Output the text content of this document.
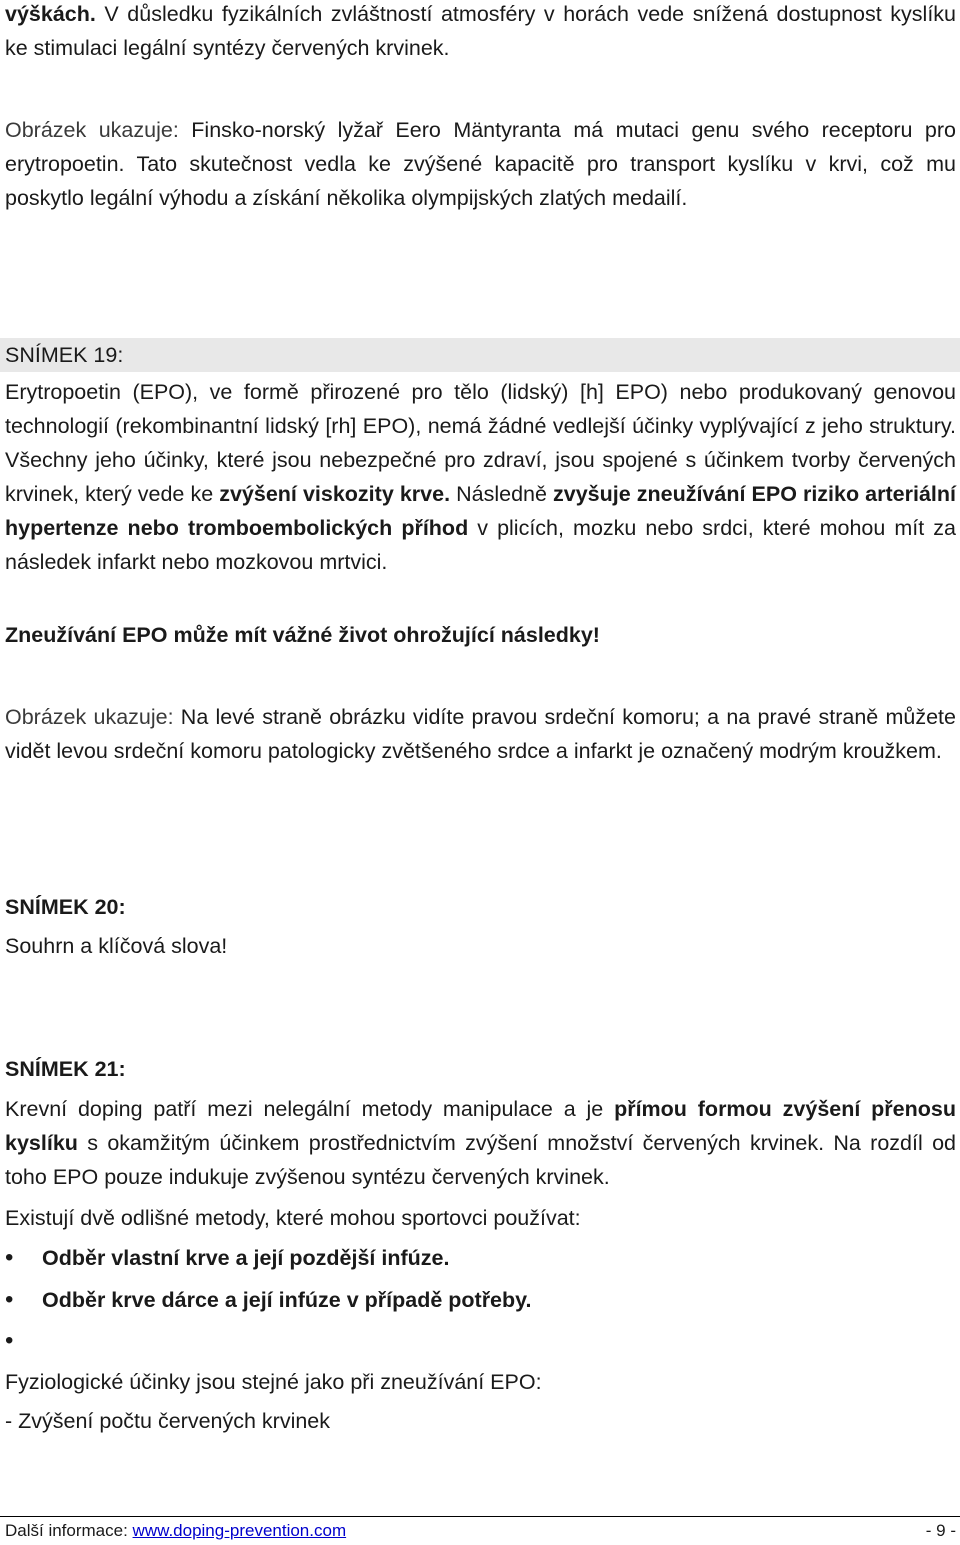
výškách. V důsledku fyzikálních zvláštností atmosféry v horách vede snížená dostupnost kyslíku ke stimulaci legální syntézy červených krvinek.

Obrázek ukazuje: Finsko-norský lyžař Eero Mäntyranta má mutaci genu svého receptoru pro erytropoetin. Tato skutečnost vedla ke zvýšené kapacitě pro transport kyslíku v krvi, což mu poskytlo legální výhodu a získání několika olympijských zlatých medailí.

SNÍMEK 19:

Erytropoetin (EPO), ve formě přirozené pro tělo (lidský) [h] EPO) nebo produkovaný genovou technologií (rekombinantní lidský [rh] EPO), nemá žádné vedlejší účinky vyplývající z jeho struktury. Všechny jeho účinky, které jsou nebezpečné pro zdraví, jsou spojené s účinkem tvorby červených krvinek, který vede ke zvýšení viskozity krve. Následně zvyšuje zneužívání EPO riziko arteriální hypertenze nebo tromboembolických příhod v plicích, mozku nebo srdci, které mohou mít za následek infarkt nebo mozkovou mrtvici.

Zneužívání EPO může mít vážné život ohrožující následky!

Obrázek ukazuje: Na levé straně obrázku vidíte pravou srdeční komoru; a na pravé straně můžete vidět levou srdeční komoru patologicky zvětšeného srdce a infarkt je označený modrým kroužkem.

SNÍMEK 20:

Souhrn a klíčová slova!

SNÍMEK 21:

Krevní doping patří mezi nelegální metody manipulace a je přímou formou zvýšení přenosu kyslíku s okamžitým účinkem prostřednictvím zvýšení množství červených krvinek. Na rozdíl od toho EPO pouze indukuje zvýšenou syntézu červených krvinek.

Existují dvě odlišné metody, které mohou sportovci používat:

• Odběr vlastní krve a její pozdější infúze.
• Odběr krve dárce a její infúze v případě potřeby.
•

Fyziologické účinky jsou stejné jako při zneužívání EPO:

- Zvýšení počtu červených krvinek

Další informace: www.doping-prevention.com	- 9 -
